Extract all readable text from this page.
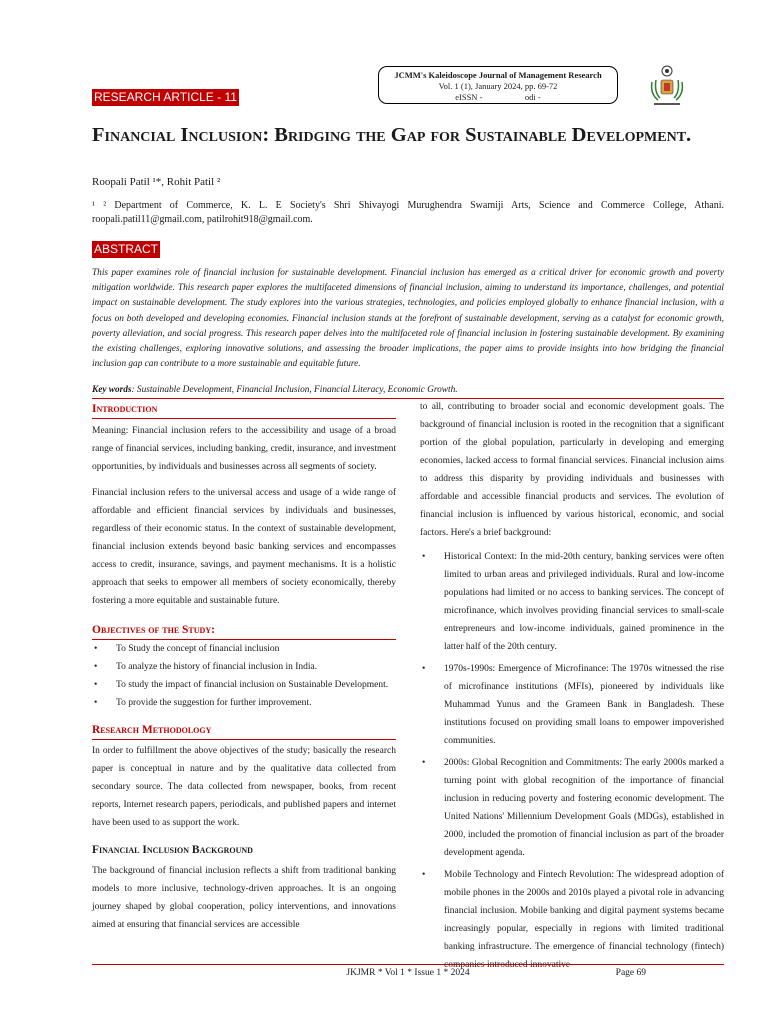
RESEARCH ARTICLE - 11
JCMM's Kaleidoscope Journal of Management Research
Vol. 1 (1), January 2024, pp. 69-72
eISSN -                    odi -
Financial Inclusion: Bridging the Gap for Sustainable Development.
Roopali Patil ¹*, Rohit Patil ²
¹ ² Department of Commerce, K. L. E Society's Shri Shivayogi Murughendra Swamiji Arts, Science and Commerce College, Athani. roopali.patil11@gmail.com, patilrohit918@gmail.com.
ABSTRACT
This paper examines role of financial inclusion for sustainable development. Financial inclusion has emerged as a critical driver for economic growth and poverty mitigation worldwide. This research paper explores the multifaceted dimensions of financial inclusion, aiming to understand its importance, challenges, and potential impact on sustainable development. The study explores into the various strategies, technologies, and policies employed globally to enhance financial inclusion, with a focus on both developed and developing economies. Financial inclusion stands at the forefront of sustainable development, serving as a catalyst for economic growth, poverty alleviation, and social progress. This research paper delves into the multifaceted role of financial inclusion in fostering sustainable development. By examining the existing challenges, exploring innovative solutions, and assessing the broader implications, the paper aims to provide insights into how bridging the financial inclusion gap can contribute to a more sustainable and equitable future.
Key words: Sustainable Development, Financial Inclusion, Financial Literacy, Economic Growth.
Introduction

Meaning: Financial inclusion refers to the accessibility and usage of a broad range of financial services, including banking, credit, insurance, and investment opportunities, by individuals and businesses across all segments of society.

Financial inclusion refers to the universal access and usage of a wide range of affordable and efficient financial services by individuals and businesses, regardless of their economic status. In the context of sustainable development, financial inclusion extends beyond basic banking services and encompasses access to credit, insurance, savings, and payment mechanisms. It is a holistic approach that seeks to empower all members of society economically, thereby fostering a more equitable and sustainable future.

Objectives of the Study:
• To Study the concept of financial inclusion
• To analyze the history of financial inclusion in India.
• To study the impact of financial inclusion on Sustainable Development.
• To provide the suggestion for further improvement.
Research Methodology

In order to fulfillment the above objectives of the study; basically the research paper is conceptual in nature and by the qualitative data collected from secondary source. The data collected from newspaper, books, from recent reports, Internet research papers, periodicals, and published papers and internet have been used to as support the work.

Financial Inclusion Background

The background of financial inclusion reflects a shift from traditional banking models to more inclusive, technology-driven approaches. It is an ongoing journey shaped by global cooperation, policy interventions, and innovations aimed at ensuring that financial services are accessible

to all, contributing to broader social and economic development goals. The background of financial inclusion is rooted in the recognition that a significant portion of the global population, particularly in developing and emerging economies, lacked access to formal financial services. Financial inclusion aims to address this disparity by providing individuals and businesses with affordable and accessible financial products and services. The evolution of financial inclusion is influenced by various historical, economic, and social factors. Here's a brief background:

• Historical Context: In the mid-20th century, banking services were often limited to urban areas and privileged individuals. Rural and low-income populations had limited or no access to banking services. The concept of microfinance, which involves providing financial services to small-scale entrepreneurs and low-income individuals, gained prominence in the latter half of the 20th century.
• 1970s-1990s: Emergence of Microfinance: The 1970s witnessed the rise of microfinance institutions (MFIs), pioneered by individuals like Muhammad Yunus and the Grameen Bank in Bangladesh. These institutions focused on providing small loans to empower impoverished communities.
• 2000s: Global Recognition and Commitments: The early 2000s marked a turning point with global recognition of the importance of financial inclusion in reducing poverty and fostering economic development. The United Nations' Millennium Development Goals (MDGs), established in 2000, included the promotion of financial inclusion as part of the broader development agenda.
• Mobile Technology and Fintech Revolution: The widespread adoption of mobile phones in the 2000s and 2010s played a pivotal role in advancing financial inclusion. Mobile banking and digital payment systems became increasingly popular, especially in regions with limited traditional banking infrastructure. The emergence of financial technology (fintech) companies introduced innovative
JKJMR * Vol 1 * Issue 1 * 2024	Page 69
